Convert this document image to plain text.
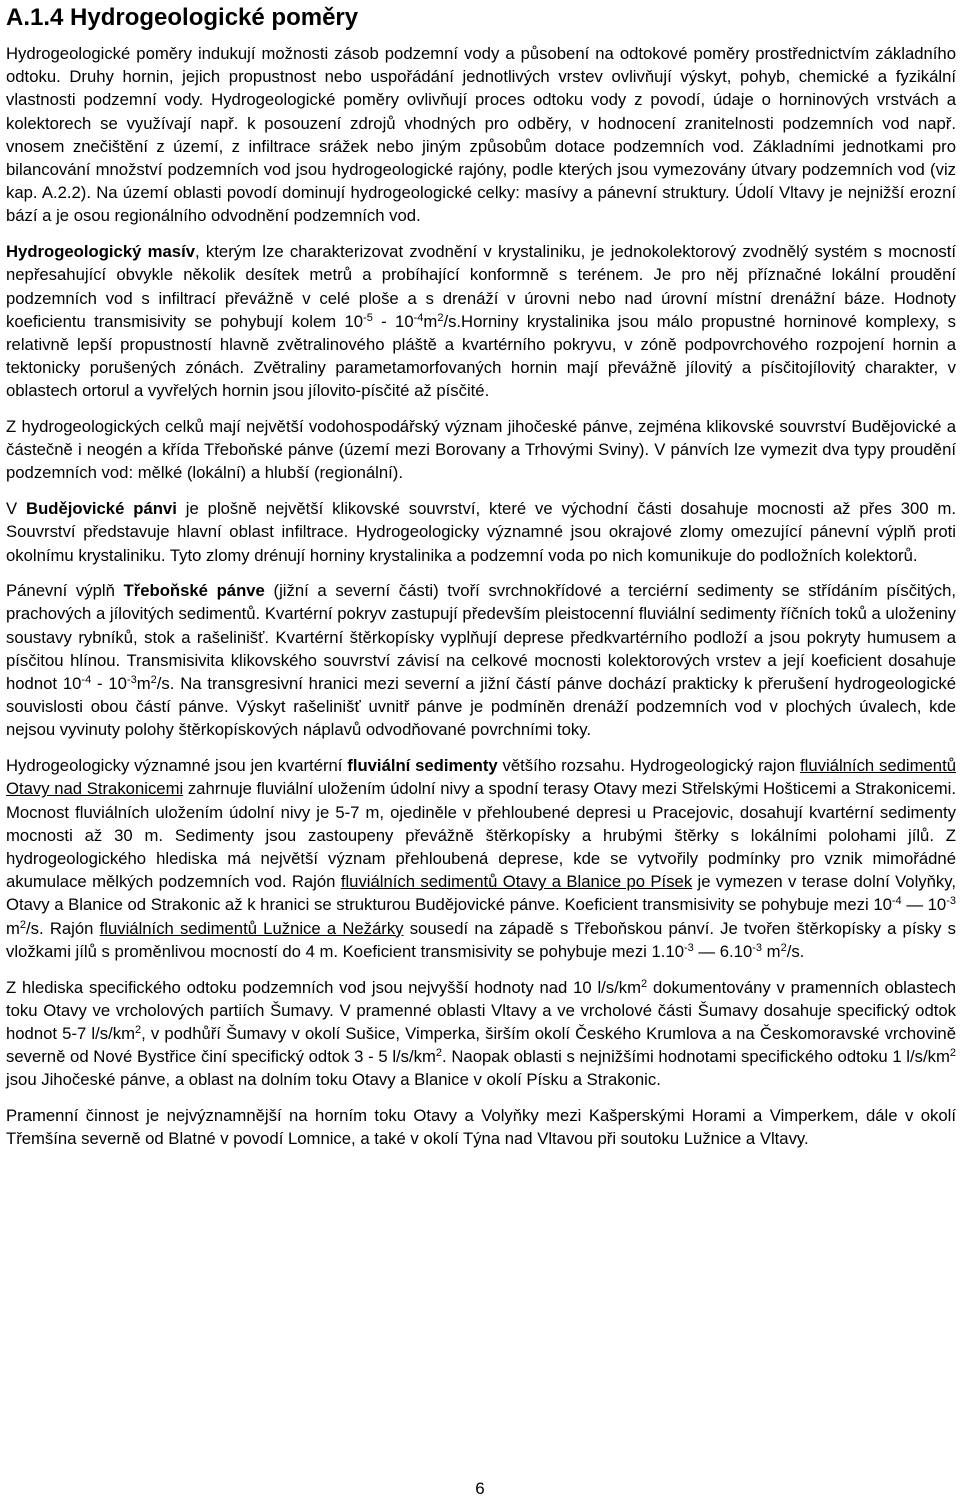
A.1.4 Hydrogeologické poměry

Hydrogeologické poměry indukují možnosti zásob podzemní vody a působení na odtokové poměry prostřednictvím základního odtoku. Druhy hornin, jejich propustnost nebo uspořádání jednotlivých vrstev ovlivňují výskyt, pohyb, chemické a fyzikální vlastnosti podzemní vody. Hydrogeologické poměry ovlivňují proces odtoku vody z povodí, údaje o horninových vrstvách a kolektorech se využívají např. k posouzení zdrojů vhodných pro odběry, v hodnocení zranitelnosti podzemních vod např. vnosem znečištění z území, z infiltrace srážek nebo jiným způsobům dotace podzemních vod. Základními jednotkami pro bilancování množství podzemních vod jsou hydrogeologické rajóny, podle kterých jsou vymezovány útvary podzemních vod (viz kap. A.2.2). Na území oblasti povodí dominují hydrogeologické celky: masívy a pánevní struktury. Údolí Vltavy je nejnižší erozní bází a je osou regionálního odvodnění podzemních vod.

Hydrogeologický masív, kterým lze charakterizovat zvodnění v krystaliniku, je jednokolektorový zvodnělý systém s mocností nepřesahující obvykle několik desítek metrů a probíhající konformně s terénem. Je pro něj příznačné lokální proudění podzemních vod s infiltrací převážně v celé ploše a s drenáží v úrovni nebo nad úrovní místní drenážní báze. Hodnoty koeficientu transmisivity se pohybují kolem $10^{-5}$ - $10^{-4}m^2/s.Horniny$ krystalinika jsou málo propustné horninové komplexy, s relativně lepší propustností hlavně zvětralinového pláště a kvartérního pokryvu, v zóně podpovrchového rozpojení hornin a tektonicky porušených zónách. Zvětraliny parametamorfovaných hornin mají převážně jílovitý a písčitojílovitý charakter, v oblastech ortorul a vyvřelých hornin jsou jílovito-písčité až písčité.

Z hydrogeologických celků mají největší vodohospodářský význam jihočeské pánve, zejména klikovské souvrství Budějovické a částečně i neogén a křída Třeboňské pánve (území mezi Borovany a Trhovými Sviny). V pánvích lze vymezit dva typy proudění podzemních vod: mělké (lokální) a hlubší (regionální).

V Budějovické pánvi je plošně největší klikovské souvrství, které ve východní části dosahuje mocnosti až přes 300 m. Souvrství představuje hlavní oblast infiltrace. Hydrogeologicky významné jsou okrajové zlomy omezující pánevní výplň proti okolnímu krystaliniku. Tyto zlomy drénují horniny krystalinika a podzemní voda po nich komunikuje do podložních kolektorů.

Pánevní výplň Třeboňské pánve (jižní a severní části) tvoří svrchnokřídové a terciérní sedimenty se střídáním písčitých, prachových a jílovitých sedimentů. Kvartérní pokryv zastupují především pleistocenní fluviální sedimenty říčních toků a uloženiny soustavy rybníků, stok a rašelinišť. Kvartérní štěrkopísky vyplňují deprese předkvartérního podloží a jsou pokryty humusem a písčitou hlínou. Transmisivita klikovského souvrství závisí na celkové mocnosti kolektorových vrstev a její koeficient dosahuje hodnot $10^{-4} - 10^{-3}m^2/s$. Na transgresivní hranici mezi severní a jižní částí pánve dochází prakticky k přerušení hydrogeologické souvislosti obou částí pánve. Výskyt rašelinišť uvnitř pánve je podmíněn drenáží podzemních vod v plochých úvalech, kde nejsou vyvinuty polohy štěrkopískových náplavů odvodňované povrchními toky.

Hydrogeologicky významné jsou jen kvartérní fluviální sedimenty většího rozsahu. Hydrogeologický rajon fluviálních sedimentů Otavy nad Strakonicemi zahrnuje fluviální uložením údolní nivy a spodní terasy Otavy mezi Střelskými Hošticemi a Strakonicemi. Mocnost fluviálních uložením údolní nivy je 5-7 m, ojediněle v přehloubené depresi u Pracejovic, dosahují kvartérní sedimenty mocnosti až 30 m. Sedimenty jsou zastoupeny převážně štěrkopísky a hrubými štěrky s lokálními polohami jílů. Z hydrogeologického hlediska má největší význam přehloubená deprese, kde se vytvořily podmínky pro vznik mimořádné akumulace mělkých podzemních vod. Rajón fluviálních sedimentů Otavy a Blanice po Písek je vymezen v terase dolní Volyňky, Otavy a Blanice od Strakonic až k hranici se strukturou Budějovické pánve. Koeficient transmisivity se pohybuje mezi $10^{-4}$ — $10^{-3}$ $m^2/s$. Rajón fluviálních sedimentů Lužnice a Nežárky sousedí na západě s Třeboňskou pánví. Je tvořen štěrkopísky a písky s vložkami jílů s proměnlivou mocností do 4 m. Koeficient transmisivity se pohybuje mezi $1.10^{-3}$ — $6.10^{-3}$ $m^2/s$.

Z hlediska specifického odtoku podzemních vod jsou nejvyšší hodnoty nad 10 $l/s/km^2$ dokumentovány v pramenních oblastech toku Otavy ve vrcholových partiích Šumavy. V pramenné oblasti Vltavy a ve vrcholové části Šumavy dosahuje specifický odtok hodnot 5-7 $l/s/km^2$, v podhůří Šumavy v okolí Sušice, Vimperka, širším okolí Českého Krumlova a na Českomoravské vrchovině severně od Nové Bystřice činí specifický odtok 3 - 5 $l/s/km^2$. Naopak oblasti s nejnižšími hodnotami specifického odtoku 1 $l/s/km^2$ jsou Jihočeské pánve, a oblast na dolním toku Otavy a Blanice v okolí Písku a Strakonic.

Pramenní činnost je nejvýznamnější na horním toku Otavy a Volyňky mezi Kašperskými Horami a Vimperkem, dále v okolí Třemšína severně od Blatné v povodí Lomnice, a také v okolí Týna nad Vltavou při soutoku Lužnice a Vltavy.

6
